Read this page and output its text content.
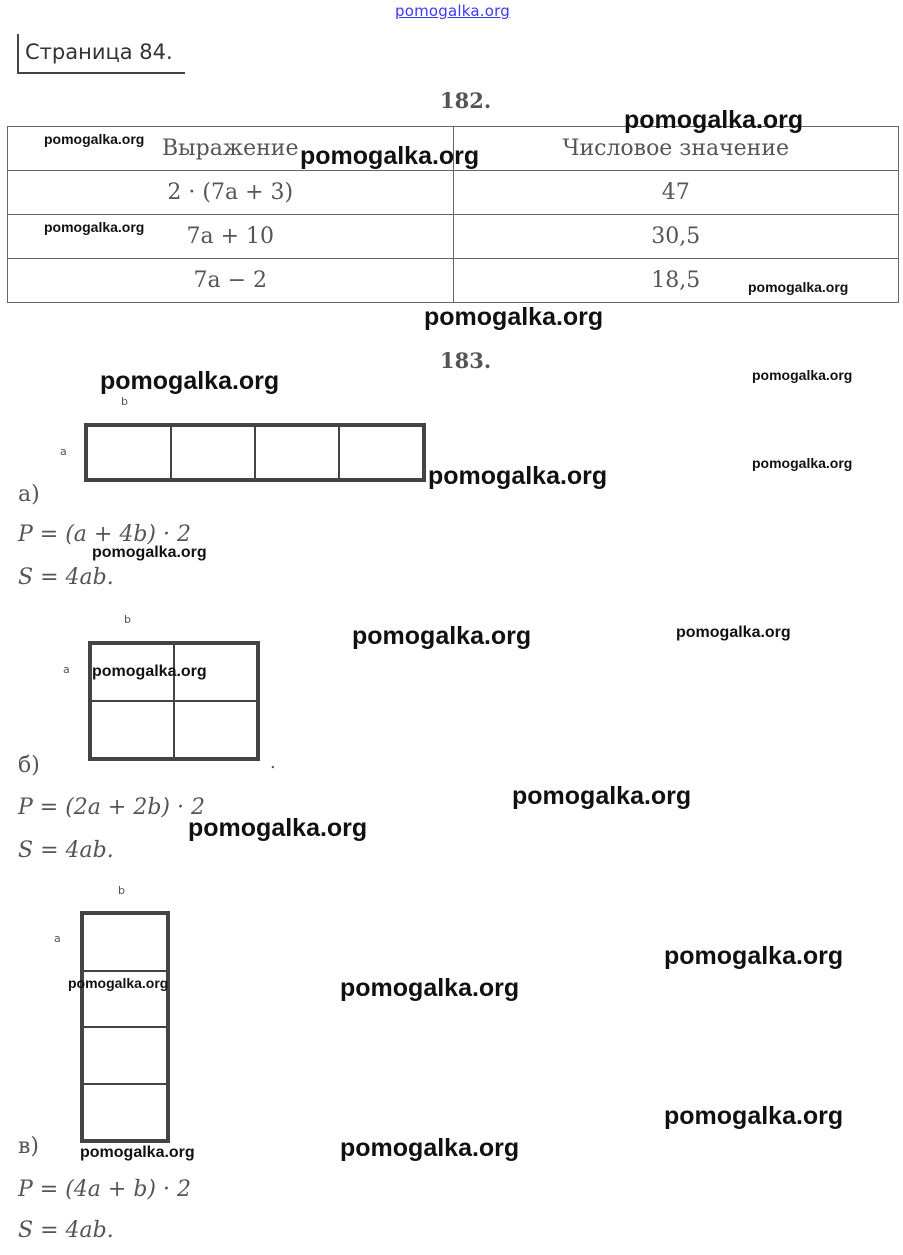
pomogalka.org
Страница 84.
182.
Выражение	Числовое значение
2 · (7a + 3)	47
7a + 10	30,5
7a − 2	18,5
183.
b
a
а)
P = (a + 4b) · 2
S = 4ab.
b
a
.
б)
P = (2a + 2b) · 2
S = 4ab.
b
a
в)
P = (4a + b) · 2
S = 4ab.
pomogalka.org
pomogalka.org
pomogalka.org
pomogalka.org
pomogalka.org
pomogalka.org
pomogalka.org	pomogalka.org
pomogalka.org
pomogalka.org
pomogalka.org
pomogalka.org	pomogalka.org
pomogalka.org
pomogalka.org
pomogalka.org
pomogalka.org
pomogalka.org	pomogalka.org
pomogalka.org
pomogalka.org
pomogalka.org
